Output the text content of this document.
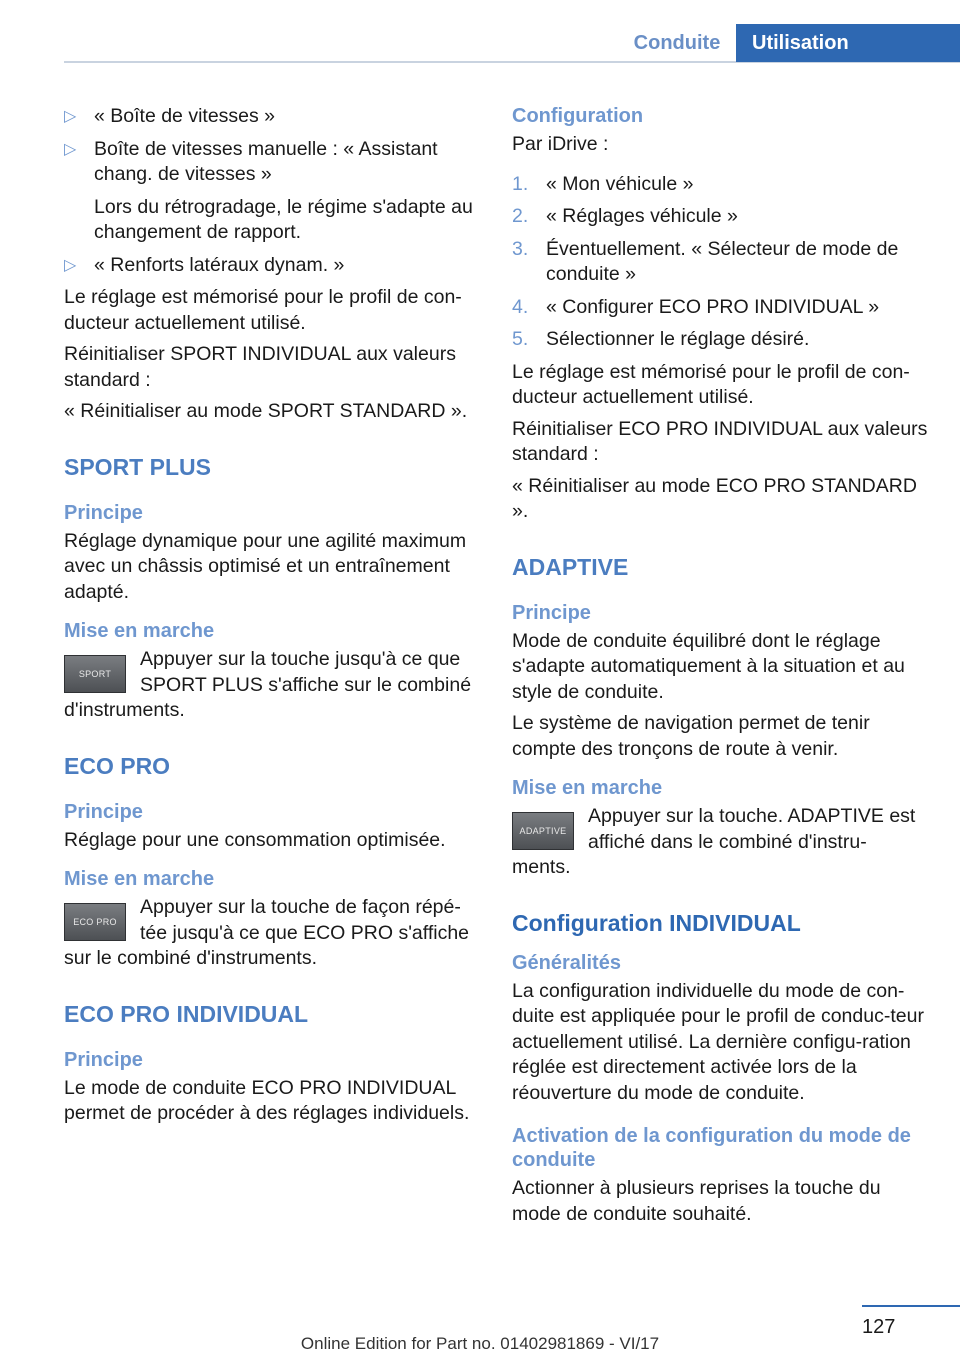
Conduite	Utilisation
▷ « Boîte de vitesses »
▷ Boîte de vitesses manuelle : « Assistant chang. de vitesses »
Lors du rétrogradage, le régime s'adapte au changement de rapport.
▷ « Renforts latéraux dynam. »

Le réglage est mémorisé pour le profil de con-ducteur actuellement utilisé.

Réinitialiser SPORT INDIVIDUAL aux valeurs standard :

« Réinitialiser au mode SPORT STANDARD ».

SPORT PLUS
Principe

Réglage dynamique pour une agilité maximum avec un châssis optimisé et un entraînement adapté.

Mise en marche
SPORT
Appuyer sur la touche jusqu'à ce que SPORT PLUS s'affiche sur le combiné
d'instruments.
ECO PRO
Principe

Réglage pour une consommation optimisée.

Mise en marche
ECO PRO
Appuyer sur la touche de façon répé-tée jusqu'à ce que ECO PRO s'affiche
sur le combiné d'instruments.
ECO PRO INDIVIDUAL
Principe

Le mode de conduite ECO PRO INDIVIDUAL permet de procéder à des réglages individuels.

Configuration

Par iDrive :

1. « Mon véhicule »
2. « Réglages véhicule »
3. Éventuellement. « Sélecteur de mode de conduite »
4. « Configurer ECO PRO INDIVIDUAL »
5. Sélectionner le réglage désiré.

Le réglage est mémorisé pour le profil de con-ducteur actuellement utilisé.

Réinitialiser ECO PRO INDIVIDUAL aux valeurs standard :

« Réinitialiser au mode ECO PRO STANDARD ».

ADAPTIVE
Principe

Mode de conduite équilibré dont le réglage s'adapte automatiquement à la situation et au style de conduite.

Le système de navigation permet de tenir compte des tronçons de route à venir.

Mise en marche
ADAPTIVE
Appuyer sur la touche. ADAPTIVE est affiché dans le combiné d'instru-
ments.
Configuration INDIVIDUAL
Généralités

La configuration individuelle du mode de con-duite est appliquée pour le profil de conduc-teur actuellement utilisé. La dernière configu-ration réglée est directement activée lors de la réouverture du mode de conduite.

Activation de la configuration du mode de conduite

Actionner à plusieurs reprises la touche du mode de conduite souhaité.

127
Online Edition for Part no. 01402981869 - VI/17
